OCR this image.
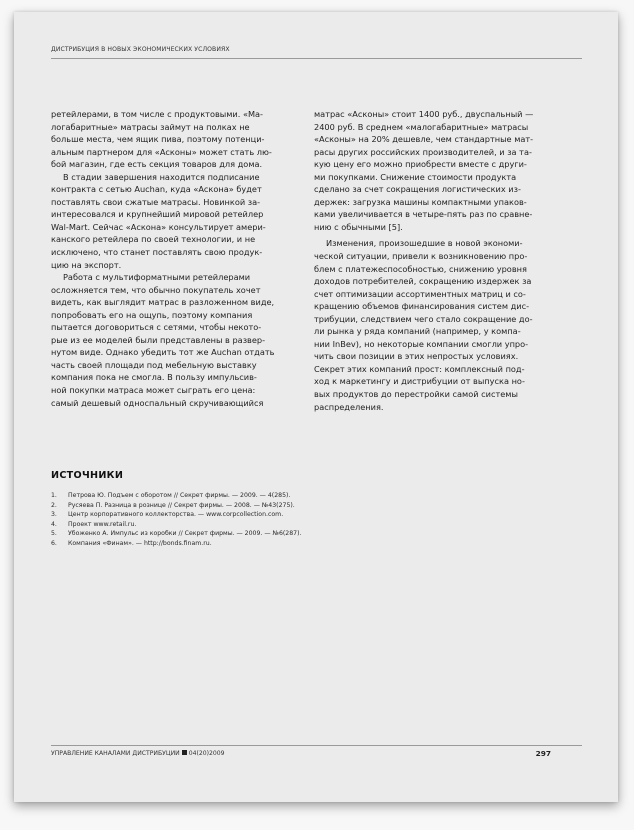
ДИСТРИБУЦИЯ В НОВЫХ ЭКОНОМИЧЕСКИХ УСЛОВИЯХ

ретейлерами, в том числе с продуктовыми. «Ма-
логабаритные» матрасы займут на полках не
больше места, чем ящик пива, поэтому потенци-
альным партнером для «Асконы» может стать лю-
бой магазин, где есть секция товаров для дома.

В стадии завершения находится подписание
контракта с сетью Auchan, куда «Аскона» будет
поставлять свои сжатые матрасы. Новинкой за-
интересовался и крупнейший мировой ретейлер
Wal-Mart. Сейчас «Аскона» консультирует амери-
канского ретейлера по своей технологии, и не
исключено, что станет поставлять свою продук-
цию на экспорт.

Работа с мультиформатными ретейлерами
осложняется тем, что обычно покупатель хочет
видеть, как выглядит матрас в разложенном виде,
попробовать его на ощупь, поэтому компания
пытается договориться с сетями, чтобы некото-
рые из ее моделей были представлены в развер-
нутом виде. Однако убедить тот же Auchan отдать
часть своей площади под мебельную выставку
компания пока не смогла. В пользу импульсив-
ной покупки матраса может сыграть его цена:
самый дешевый односпальный скручивающийся

матрас «Асконы» стоит 1400 руб., двуспальный —
2400 руб. В среднем «малогабаритные» матрасы
«Асконы» на 20% дешевле, чем стандартные мат-
расы других российских производителей, и за та-
кую цену его можно приобрести вместе с други-
ми покупками. Снижение стоимости продукта
сделано за счет сокращения логистических из-
держек: загрузка машины компактными упаков-
ками увеличивается в четыре-пять раз по сравне-
нию с обычными [5].

Изменения, произошедшие в новой экономи-
ческой ситуации, привели к возникновению про-
блем с платежеспособностью, снижению уровня
доходов потребителей, сокращению издержек за
счет оптимизации ассортиментных матриц и со-
кращению объемов финансирования систем дис-
трибуции, следствием чего стало сокращение до-
ли рынка у ряда компаний (например, у компа-
нии InBev), но некоторые компании смогли упро-
чить свои позиции в этих непростых условиях.
Секрет этих компаний прост: комплексный под-
ход к маркетингу и дистрибуции от выпуска но-
вых продуктов до перестройки самой системы
распределения.

ИСТОЧНИКИ
1. Петрова Ю. Подъем с оборотом // Секрет фирмы. — 2009. — 4(285).
2. Русяева П. Разница в рознице // Секрет фирмы. — 2008. — №43(275).
3. Центр корпоративного коллекторства. — www.corpcollection.com.
4. Проект www.retail.ru.
5. Убоженко А. Импульс из коробки // Секрет фирмы. — 2009. — №6(287).
6. Компания «Финам». — http://bonds.finam.ru.
УПРАВЛЕНИЕ КАНАЛАМИ ДИСТРИБУЦИИ 04(20)2009	297
